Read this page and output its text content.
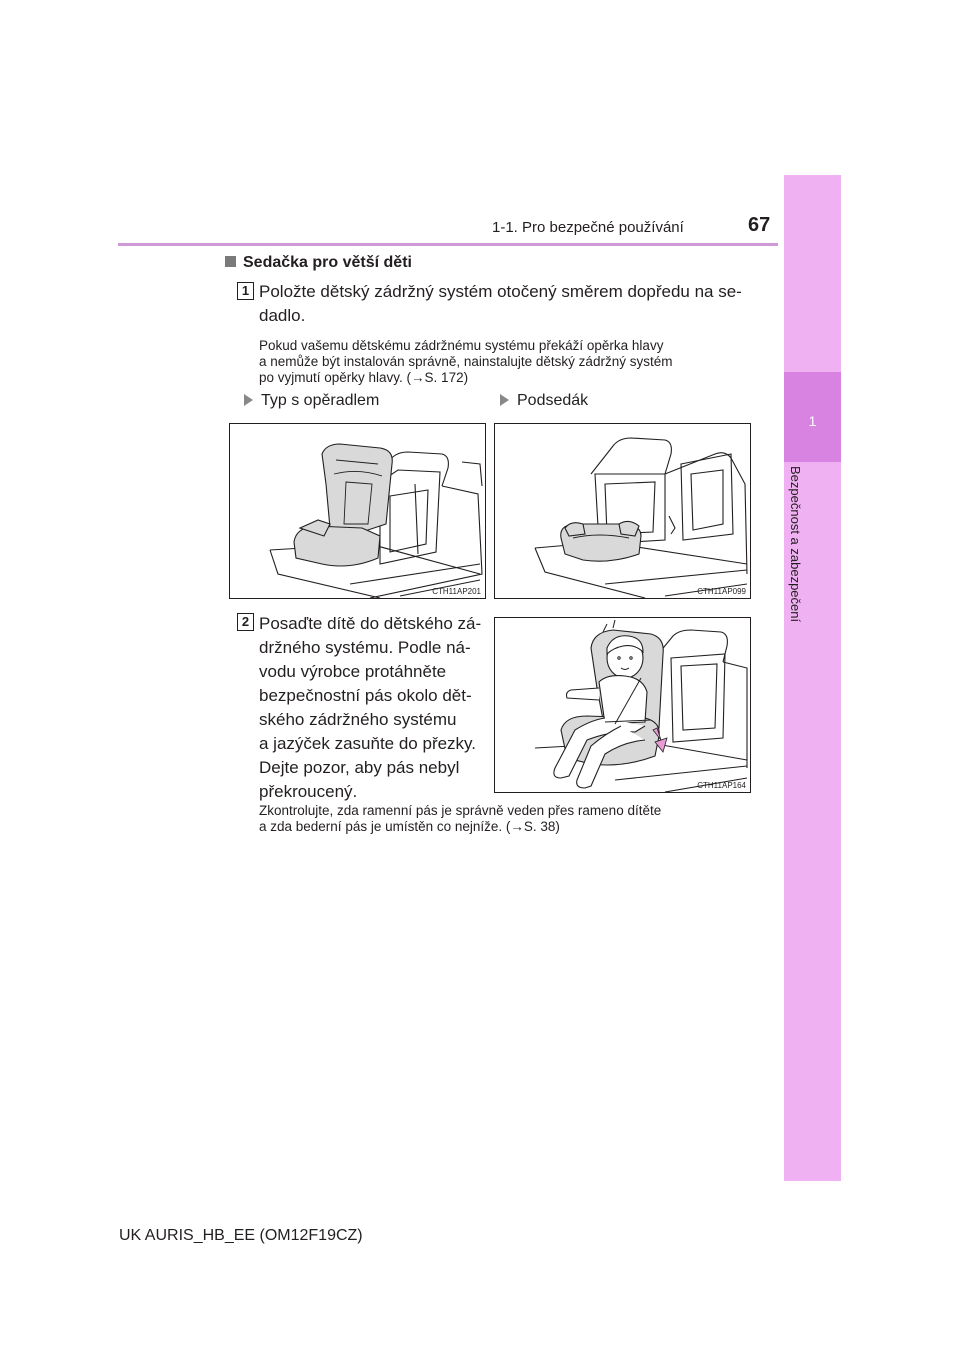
1-1. Pro bezpečné používání	67
1
Bezpečnost a zabezpečení
Sedačka pro větší děti
1 Položte dětský zádržný systém otočený směrem dopředu na se-
dadlo.
Pokud vašemu dětskému zádržnému systému překáží opěrka hlavy
a nemůže být instalován správně, nainstalujte dětský zádržný systém
po vyjmutí opěrky hlavy. (→S. 172)
Typ s opěradlem	Podsedák
CTH11AP201	CTH11AP099
2 Posaďte dítě do dětského zá-
držného systému. Podle ná-
vodu výrobce protáhněte
bezpečnostní pás okolo dět-
ského zádržného systému
a jazýček zasuňte do přezky.
Dejte pozor, aby pás nebyl
překroucený.	CTH11AP164
Zkontrolujte, zda ramenní pás je správně veden přes rameno dítěte
a zda bederní pás je umístěn co nejníže. (→S. 38)
UK AURIS_HB_EE (OM12F19CZ)
